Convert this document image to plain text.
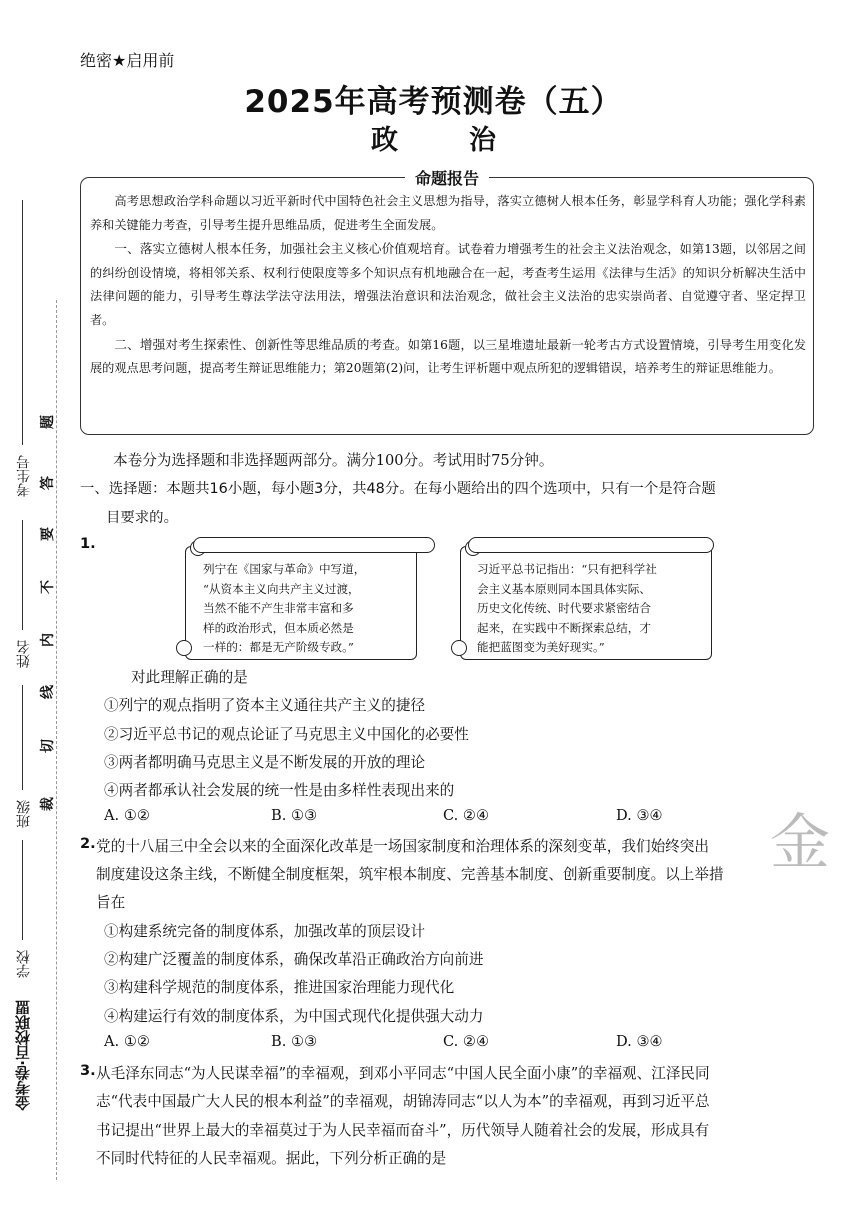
考生号
姓名
班级
学校
金考卷·百校联盟
题
答
要
不
内
线
切
裁
绝密★启用前
2025年高考预测卷（五）
政　治
命题报告

高考思想政治学科命题以习近平新时代中国特色社会主义思想为指导，落实立德树人根本任务，彰显学科育人功能；强化学科素养和关键能力考查，引导考生提升思维品质，促进考生全面发展。

一、落实立德树人根本任务，加强社会主义核心价值观培育。试卷着力增强考生的社会主义法治观念，如第13题，以邻居之间的纠纷创设情境，将相邻关系、权利行使限度等多个知识点有机地融合在一起，考查考生运用《法律与生活》的知识分析解决生活中法律问题的能力，引导考生尊法学法守法用法，增强法治意识和法治观念，做社会主义法治的忠实崇尚者、自觉遵守者、坚定捍卫者。

二、增强对考生探索性、创新性等思维品质的考查。如第16题，以三星堆遗址最新一轮考古方式设置情境，引导考生用变化发展的观点思考问题，提高考生辩证思维能力；第20题第(2)问，让考生评析题中观点所犯的逻辑错误，培养考生的辩证思维能力。

本卷分为选择题和非选择题两部分。满分100分。考试用时75分钟。
一、选择题：本题共16小题，每小题3分，共48分。在每小题给出的四个选项中，只有一个是符合题
目要求的。
1.
列宁在《国家与革命》中写道，
“从资本主义向共产主义过渡，
当然不能不产生非常丰富和多
样的政治形式，但本质必然是
一样的：都是无产阶级专政。”
习近平总书记指出：“只有把科学社
会主义基本原则同本国具体实际、
历史文化传统、时代要求紧密结合
起来，在实践中不断探索总结，才
能把蓝图变为美好现实。”
对此理解正确的是
①列宁的观点指明了资本主义通往共产主义的捷径
②习近平总书记的观点论证了马克思主义中国化的必要性
③两者都明确马克思主义是不断发展的开放的理论
④两者都承认社会发展的统一性是由多样性表现出来的
A. ①②	B. ①③	C. ②④	D. ③④ 金
2. 党的十八届三中全会以来的全面深化改革是一场国家制度和治理体系的深刻变革，我们始终突出
制度建设这条主线，不断健全制度框架，筑牢根本制度、完善基本制度、创新重要制度。以上举措
旨在
①构建系统完备的制度体系，加强改革的顶层设计
②构建广泛覆盖的制度体系，确保改革沿正确政治方向前进
③构建科学规范的制度体系，推进国家治理能力现代化
④构建运行有效的制度体系，为中国式现代化提供强大动力
A. ①②	B. ①③	C. ②④	D. ③④
3. 从毛泽东同志“为人民谋幸福”的幸福观，到邓小平同志“中国人民全面小康”的幸福观、江泽民同
志“代表中国最广大人民的根本利益”的幸福观，胡锦涛同志“以人为本”的幸福观，再到习近平总
书记提出“世界上最大的幸福莫过于为人民幸福而奋斗”，历代领导人随着社会的发展，形成具有
不同时代特征的人民幸福观。据此，下列分析正确的是
